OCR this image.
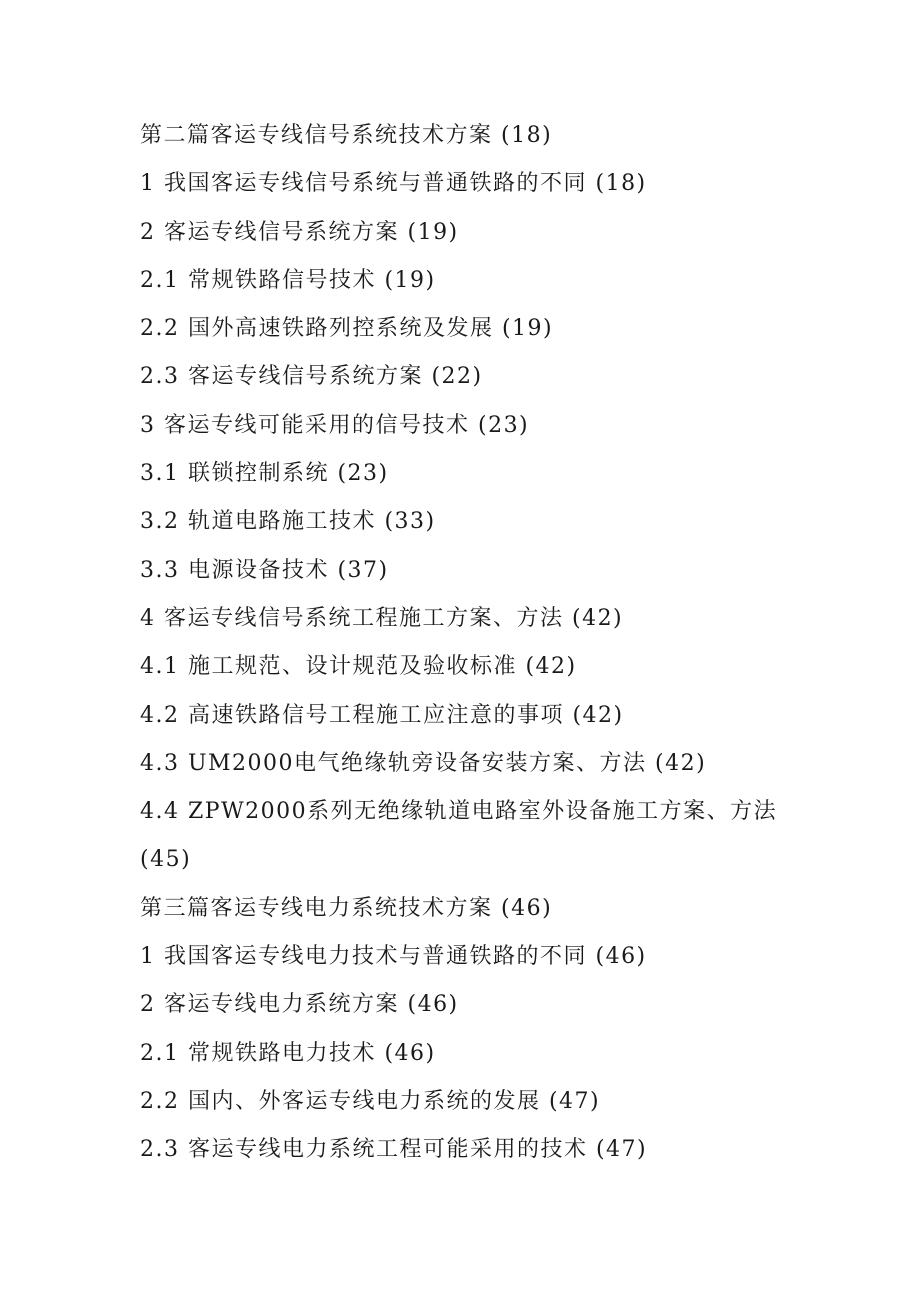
第二篇客运专线信号系统技术方案 (18)
1 我国客运专线信号系统与普通铁路的不同 (18)
2 客运专线信号系统方案 (19)
2.1 常规铁路信号技术 (19)
2.2 国外高速铁路列控系统及发展 (19)
2.3 客运专线信号系统方案 (22)
3 客运专线可能采用的信号技术 (23)
3.1 联锁控制系统 (23)
3.2 轨道电路施工技术 (33)
3.3 电源设备技术 (37)
4 客运专线信号系统工程施工方案、方法 (42)
4.1 施工规范、设计规范及验收标准 (42)
4.2 高速铁路信号工程施工应注意的事项 (42)
4.3 UM2000电气绝缘轨旁设备安装方案、方法 (42)
4.4 ZPW2000系列无绝缘轨道电路室外设备施工方案、方法
(45)
第三篇客运专线电力系统技术方案 (46)
1 我国客运专线电力技术与普通铁路的不同 (46)
2 客运专线电力系统方案 (46)
2.1 常规铁路电力技术 (46)
2.2 国内、外客运专线电力系统的发展 (47)
2.3 客运专线电力系统工程可能采用的技术 (47)
